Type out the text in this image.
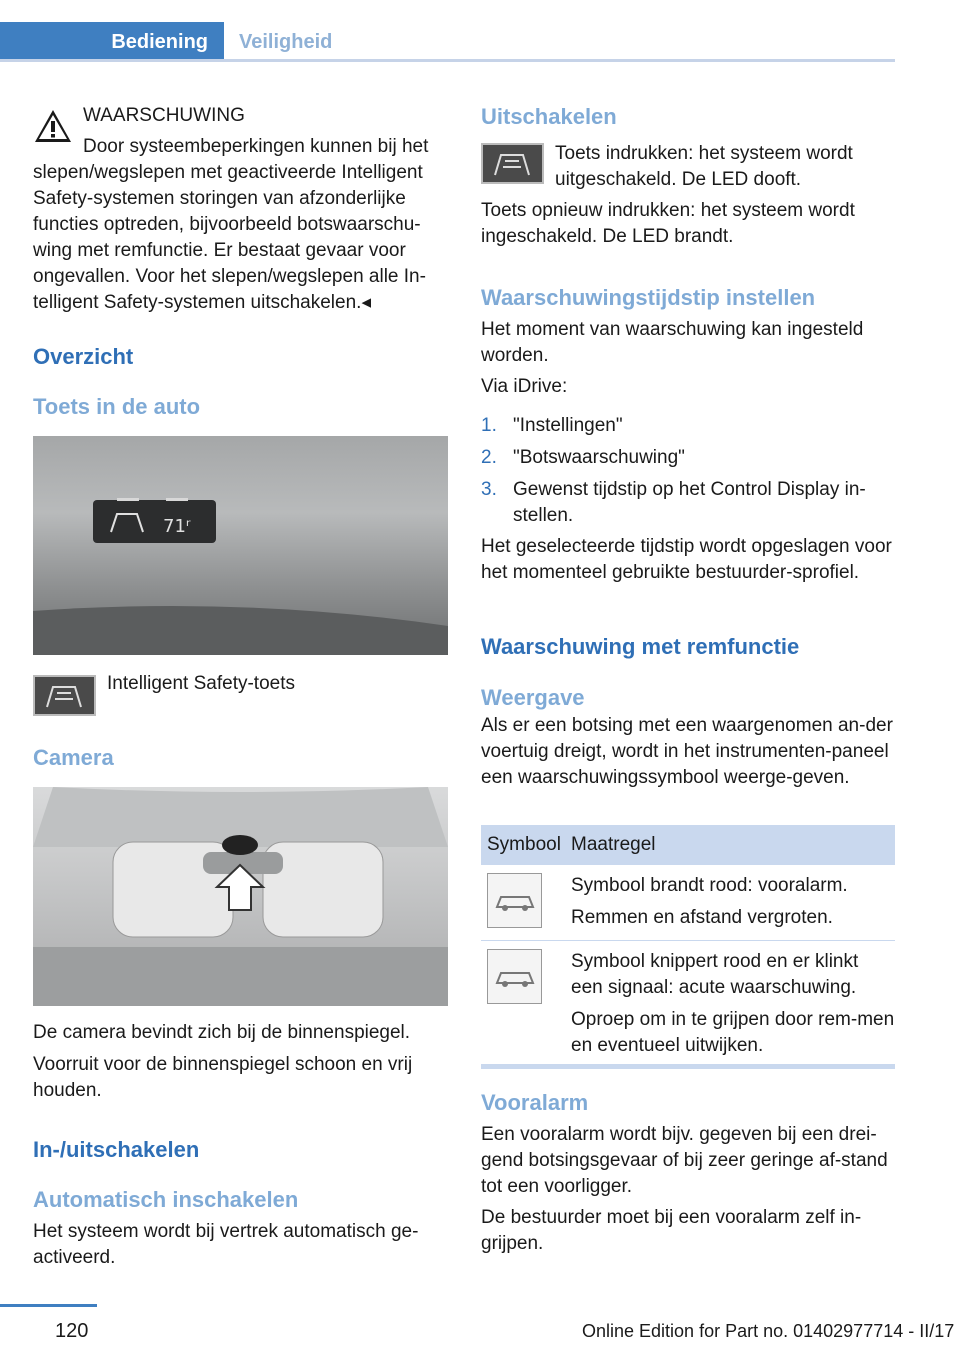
Bediening	Veiligheid
WAARSCHUWING

Door systeembeperkingen kunnen bij het slepen/wegslepen met geactiveerde Intelligent Safety-systemen storingen van afzonderlijke functies optreden, bijvoorbeeld botswaarschu-wing met remfunctie. Er bestaat gevaar voor ongevallen. Voor het slepen/wegslepen alle In-telligent Safety-systemen uitschakelen.◂

Overzicht
Toets in de auto
71ʳ
Intelligent Safety-toets
Camera

De camera bevindt zich bij de binnenspiegel.

Voorruit voor de binnenspiegel schoon en vrij houden.

In-/uitschakelen
Automatisch inschakelen

Het systeem wordt bij vertrek automatisch ge-activeerd.

Uitschakelen

Toets indrukken: het systeem wordt uitgeschakeld. De LED dooft.

Toets opnieuw indrukken: het systeem wordt ingeschakeld. De LED brandt.

Waarschuwingstijdstip instellen

Het moment van waarschuwing kan ingesteld worden.

Via iDrive:

1. "Instellingen"
2. "Botswaarschuwing"
3. Gewenst tijdstip op het Control Display in-stellen.

Het geselecteerde tijdstip wordt opgeslagen voor het momenteel gebruikte bestuurder-sprofiel.

Waarschuwing met remfunctie
Weergave

Als er een botsing met een waargenomen an-der voertuig dreigt, wordt in het instrumenten-paneel een waarschuwingssymbool weerge-geven.

Symbool Maatregel
Symbool brandt rood: vooralarm.
Remmen en afstand vergroten.
Symbool knippert rood en er klinkt een signaal: acute waarschuwing.
Oproep om in te grijpen door rem-men en eventueel uitwijken.
Vooralarm

Een vooralarm wordt bijv. gegeven bij een drei-gend botsingsgevaar of bij zeer geringe af-stand tot een voorligger.

De bestuurder moet bij een vooralarm zelf in-grijpen.

120	Online Edition for Part no. 01402977714 - II/17
